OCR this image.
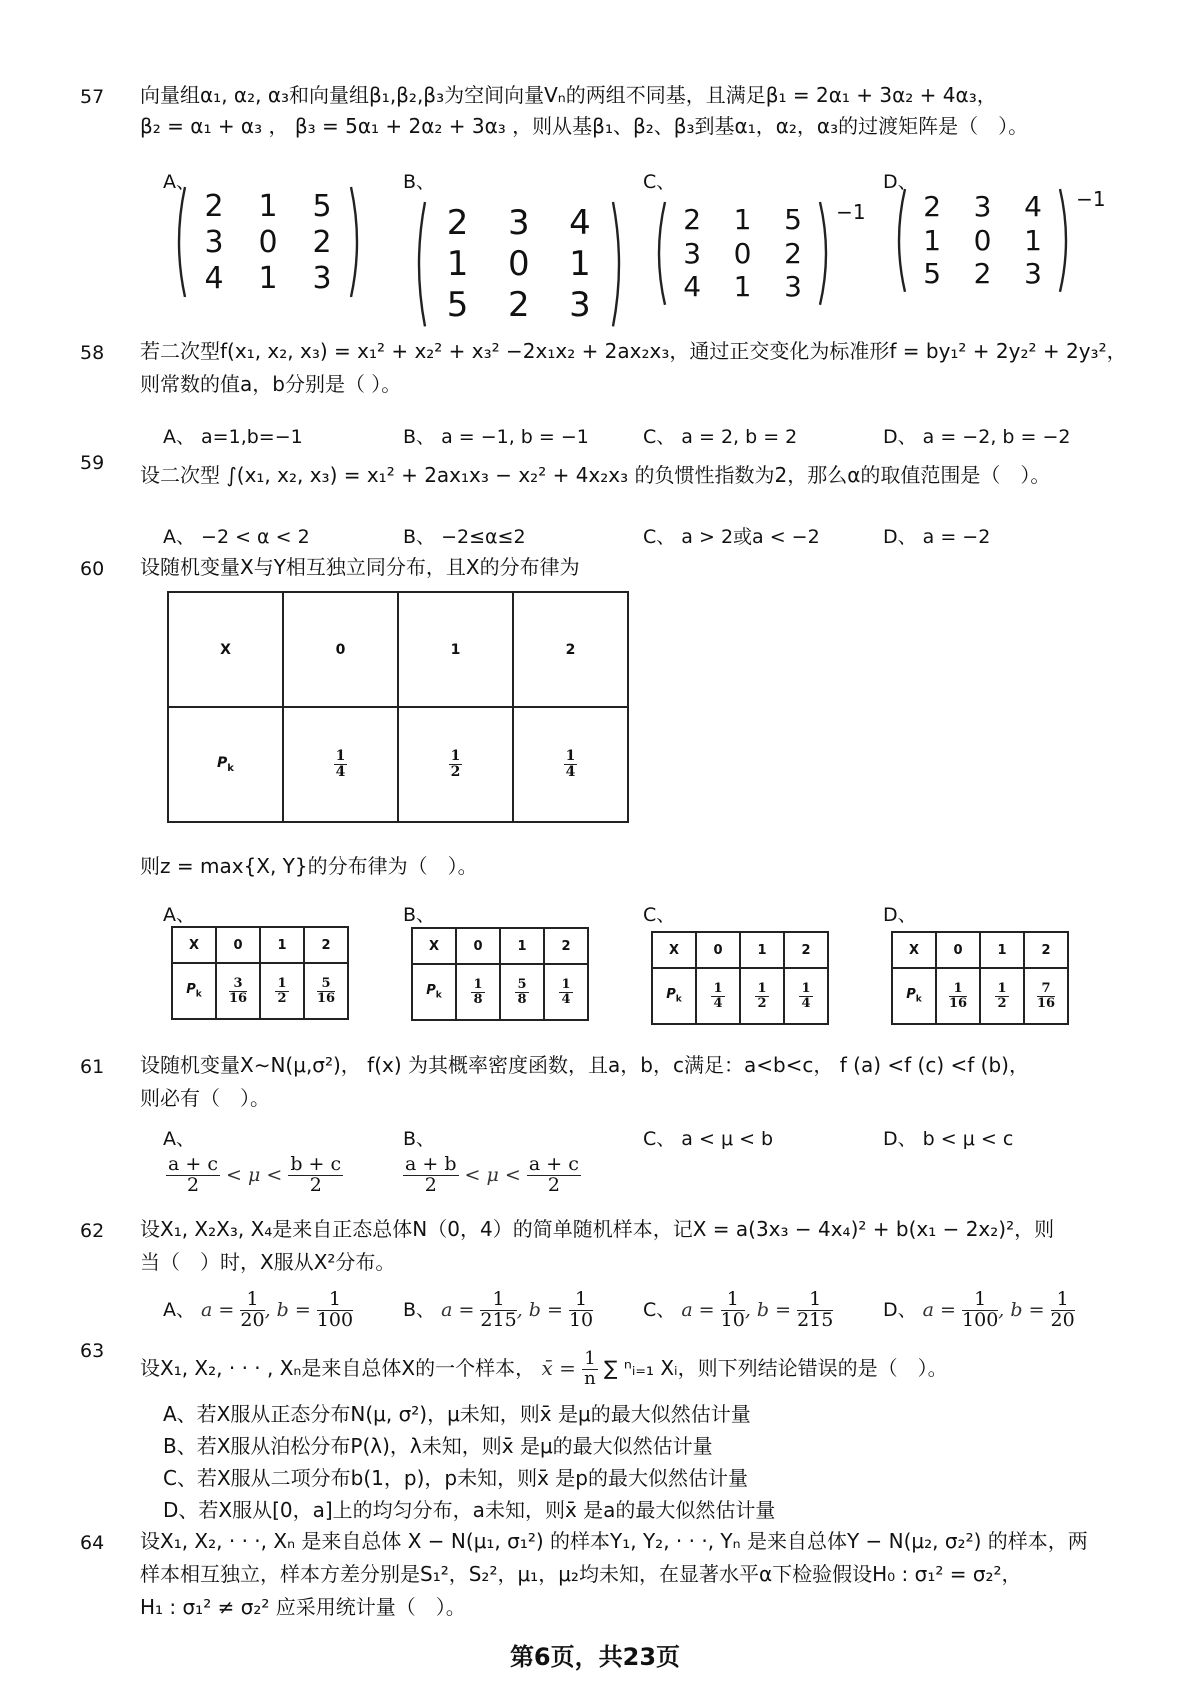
57 向量组α₁, α₂, α₃和向量组β₁,β₂,β₃为空间向量Vₙ的两组不同基，且满足β₁ = 2α₁ + 3α₂ + 4α₃，
β₂ = α₁ + α₃ ， β₃ = 5α₁ + 2α₂ + 3α₃ ，则从基β₁、β₂、β₃到基α₁，α₂，α₃的过渡矩阵是（　）。
A、
2	1	5
3	0	2
4	1	3
B、
2	3	4
1	0	1
5	2	3
C、
2	1	5
3	0	2
4	1	3
−1
D、
2	3	4
1	0	1
5	2	3
−1
58 若二次型f(x₁, x₂, x₃) = x₁² + x₂² + x₃² −2x₁x₂ + 2ax₂x₃，通过正交变化为标准形f = by₁² + 2y₂² + 2y₃²，
则常数的值a，b分别是（ ）。
A、 a=1,b=−1	B、 a = −1, b = −1	C、 a = 2, b = 2	D、 a = −2, b = −2
59 设二次型 ∫(x₁, x₂, x₃) = x₁² + 2ax₁x₃ − x₂² + 4x₂x₃ 的负惯性指数为2，那么α的取值范围是（　）。
A、 −2 < α < 2	B、 −2≤α≤2	C、 a > 2或a < −2	D、 a = −2
60 设随机变量X与Y相互独立同分布，且X的分布律为
X	0	1	2
$P_k$	$\frac{1}{4}$	$\frac{1}{2}$	$\frac{1}{4}$
则z = max{X, Y}的分布律为（　）。
A、
X	0	1	2
$P_k$	$\frac{3}{16}$	$\frac{1}{2}$	$\frac{5}{16}$
B、
X	0	1	2
$P_k$	$\frac{1}{8}$	$\frac{5}{8}$	$\frac{1}{4}$
C、
X	0	1	2
$P_k$	$\frac{1}{4}$	$\frac{1}{2}$	$\frac{1}{4}$
D、
X	0	1	2
$P_k$	$\frac{1}{16}$	$\frac{1}{2}$	$\frac{7}{16}$
61 设随机变量X∼N(μ,σ²)， f(x) 为其概率密度函数，且a，b，c满足：a<b<c， f (a) <f (c) <f (b)，
则必有（　）。
A、
$\frac{a + c}{2} < \mu < \frac{b + c}{2}$
B、
$\frac{a + b}{2} < \mu < \frac{a + c}{2}$
C、 a < μ < b	D、 b < μ < c
62 设X₁, X₂X₃, X₄是来自正态总体N（0，4）的简单随机样本，记X = a(3x₃ − 4x₄)² + b(x₁ − 2x₂)²，则
当（　）时，X服从X²分布。
A、 $a = \frac{1}{20}$ , $b = \frac{1}{100}$	B、 $a = \frac{1}{215}$ , $b = \frac{1}{10}$	C、 $a = \frac{1}{10}$ , $b = \frac{1}{215}$	D、 $a = \frac{1}{100}$ , $b = \frac{1}{20}$
63
设X₁, X₂, · · · , Xₙ是来自总体X的一个样本， x̄ = $\frac{1}{n}$ ∑ ⁿᵢ₌₁ Xᵢ，则下列结论错误的是（　）。
A、若X服从正态分布N(μ, σ²)，μ未知，则x̄ 是μ的最大似然估计量
B、若X服从泊松分布P(λ)，λ未知，则x̄ 是μ的最大似然估计量
C、若X服从二项分布b(1，p)，p未知，则x̄ 是p的最大似然估计量
D、若X服从[0，a]上的均匀分布，a未知，则x̄ 是a的最大似然估计量
64 设X₁, X₂, · · ·, Xₙ 是来自总体 X − N(μ₁, σ₁²) 的样本Y₁, Y₂, · · ·, Yₙ 是来自总体Y − N(μ₂, σ₂²) 的样本，两
样本相互独立，样本方差分别是S₁²，S₂²，μ₁，μ₂均未知，在显著水平α下检验假设H₀ : σ₁² = σ₂²，
H₁ : σ₁² ≠ σ₂² 应采用统计量（　）。
第6页，共23页
